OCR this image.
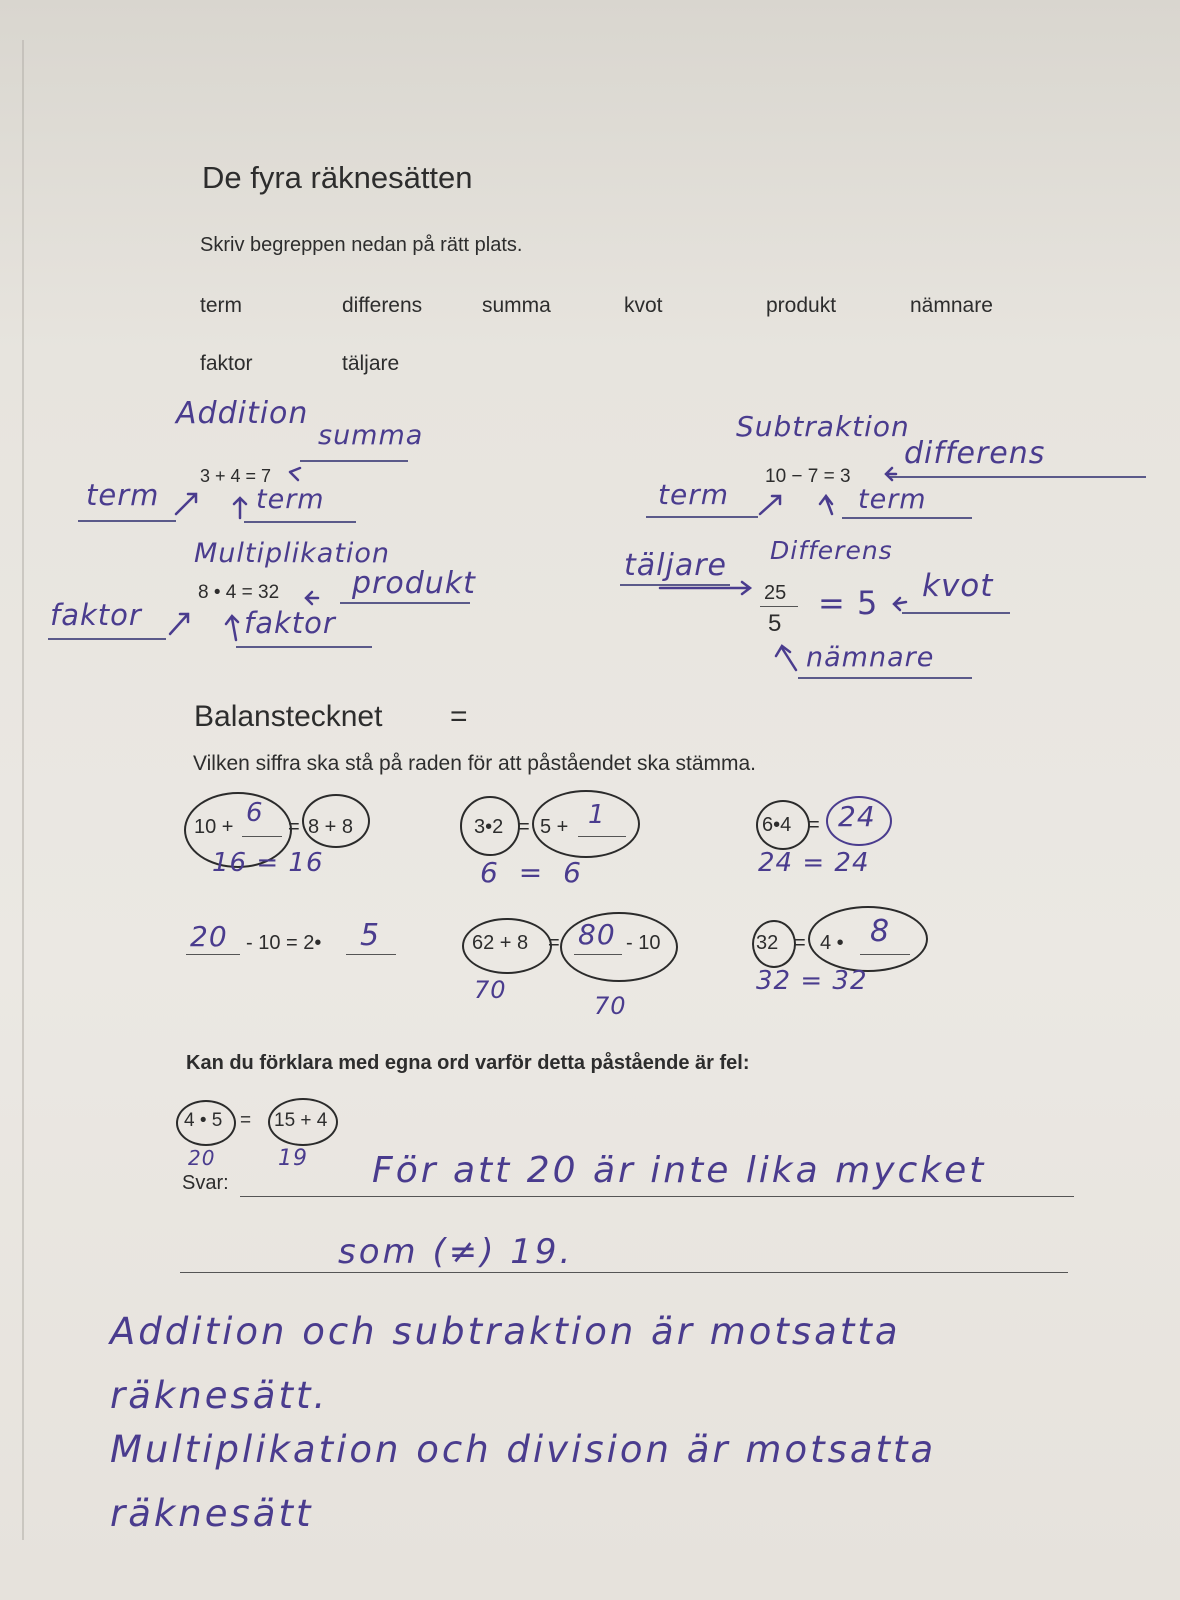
De fyra räknesätten
Skriv begreppen nedan på rätt plats.
term	differens	summa	kvot	produkt	nämnare
faktor	täljare
Addition
summa
3 + 4 = 7
term	term
Subtraktion
differens
10 − 7 = 3
term	term
Multiplikation
8 • 4 = 32 produkt
faktor	faktor
Differens
täljare
25
5
= 5 kvot
nämnare
Balanstecknet =
Vilken siffra ska stå på raden för att påståendet ska stämma.
10 + 6 = 8 + 8
16 = 16
3•2 = 5 + 1
6 = 6
6•4 = 24
24 = 24
20 - 10 = 2• 5	62 + 8 = 80 - 10
70
70
32 = 4 • 8
32 = 32
Kan du förklara med egna ord varför detta påstående är fel:
4 • 5 = 15 + 4
20	19
Svar:	För att 20 är inte lika mycket
som (≠) 19.
Addition och subtraktion är motsatta räknesätt.
Multiplikation och division är motsatta räknesätt
